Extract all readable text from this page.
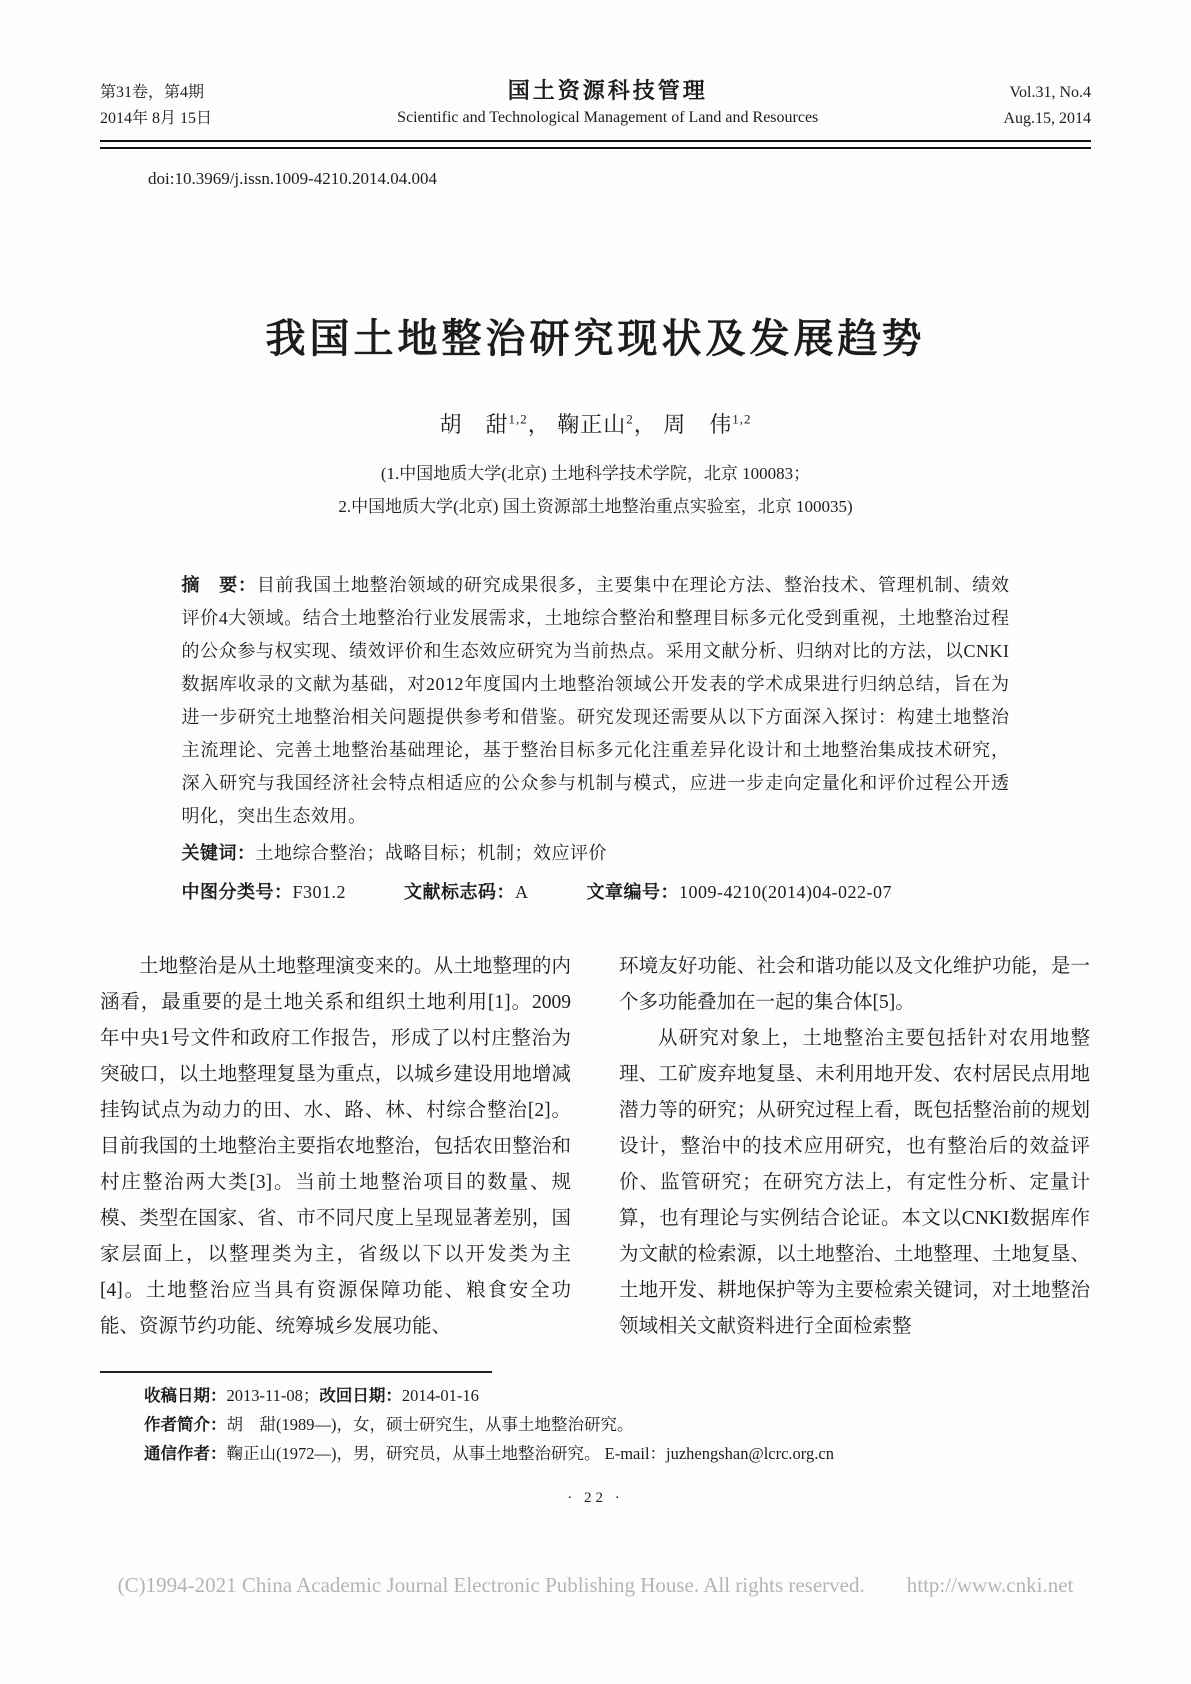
第31卷，第4期
2014年 8月 15日
国土资源科技管理
Scientific and Technological Management of Land and Resources
Vol.31, No.4
Aug.15, 2014
doi:10.3969/j.issn.1009-4210.2014.04.004
我国土地整治研究现状及发展趋势
胡　甜$^{1,2}$， 鞠正山$^2$， 周　伟$^{1,2}$
(1.中国地质大学(北京) 土地科学技术学院，北京 100083；
2.中国地质大学(北京) 国土资源部土地整治重点实验室，北京 100035)
摘　要：目前我国土地整治领域的研究成果很多，主要集中在理论方法、整治技术、管理机制、绩效评价4大领域。结合土地整治行业发展需求，土地综合整治和整理目标多元化受到重视，土地整治过程的公众参与权实现、绩效评价和生态效应研究为当前热点。采用文献分析、归纳对比的方法，以CNKI数据库收录的文献为基础，对2012年度国内土地整治领域公开发表的学术成果进行归纳总结，旨在为进一步研究土地整治相关问题提供参考和借鉴。研究发现还需要从以下方面深入探讨：构建土地整治主流理论、完善土地整治基础理论，基于整治目标多元化注重差异化设计和土地整治集成技术研究，深入研究与我国经济社会特点相适应的公众参与机制与模式，应进一步走向定量化和评价过程公开透明化，突出生态效用。
关键词：土地综合整治；战略目标；机制；效应评价
中图分类号：F301.2	文献标志码：A	文章编号：1009-4210(2014)04-022-07

土地整治是从土地整理演变来的。从土地整理的内涵看，最重要的是土地关系和组织土地利用[1]。2009年中央1号文件和政府工作报告，形成了以村庄整治为突破口，以土地整理复垦为重点，以城乡建设用地增减挂钩试点为动力的田、水、路、林、村综合整治[2]。目前我国的土地整治主要指农地整治，包括农田整治和村庄整治两大类[3]。当前土地整治项目的数量、规模、类型在国家、省、市不同尺度上呈现显著差别，国家层面上，以整理类为主，省级以下以开发类为主[4]。土地整治应当具有资源保障功能、粮食安全功能、资源节约功能、统筹城乡发展功能、

环境友好功能、社会和谐功能以及文化维护功能，是一个多功能叠加在一起的集合体[5]。

从研究对象上，土地整治主要包括针对农用地整理、工矿废弃地复垦、未利用地开发、农村居民点用地潜力等的研究；从研究过程上看，既包括整治前的规划设计，整治中的技术应用研究，也有整治后的效益评价、监管研究；在研究方法上，有定性分析、定量计算，也有理论与实例结合论证。本文以CNKI数据库作为文献的检索源，以土地整治、土地整理、土地复垦、土地开发、耕地保护等为主要检索关键词，对土地整治领域相关文献资料进行全面检索整

收稿日期：2013-11-08；改回日期：2014-01-16
作者简介：胡　甜(1989—)，女，硕士研究生，从事土地整治研究。
通信作者：鞠正山(1972—)，男，研究员，从事土地整治研究。 E-mail：juzhengshan@lcrc.org.cn
· 22 ·
(C)1994-2021 China Academic Journal Electronic Publishing House. All rights reserved. http://www.cnki.net
